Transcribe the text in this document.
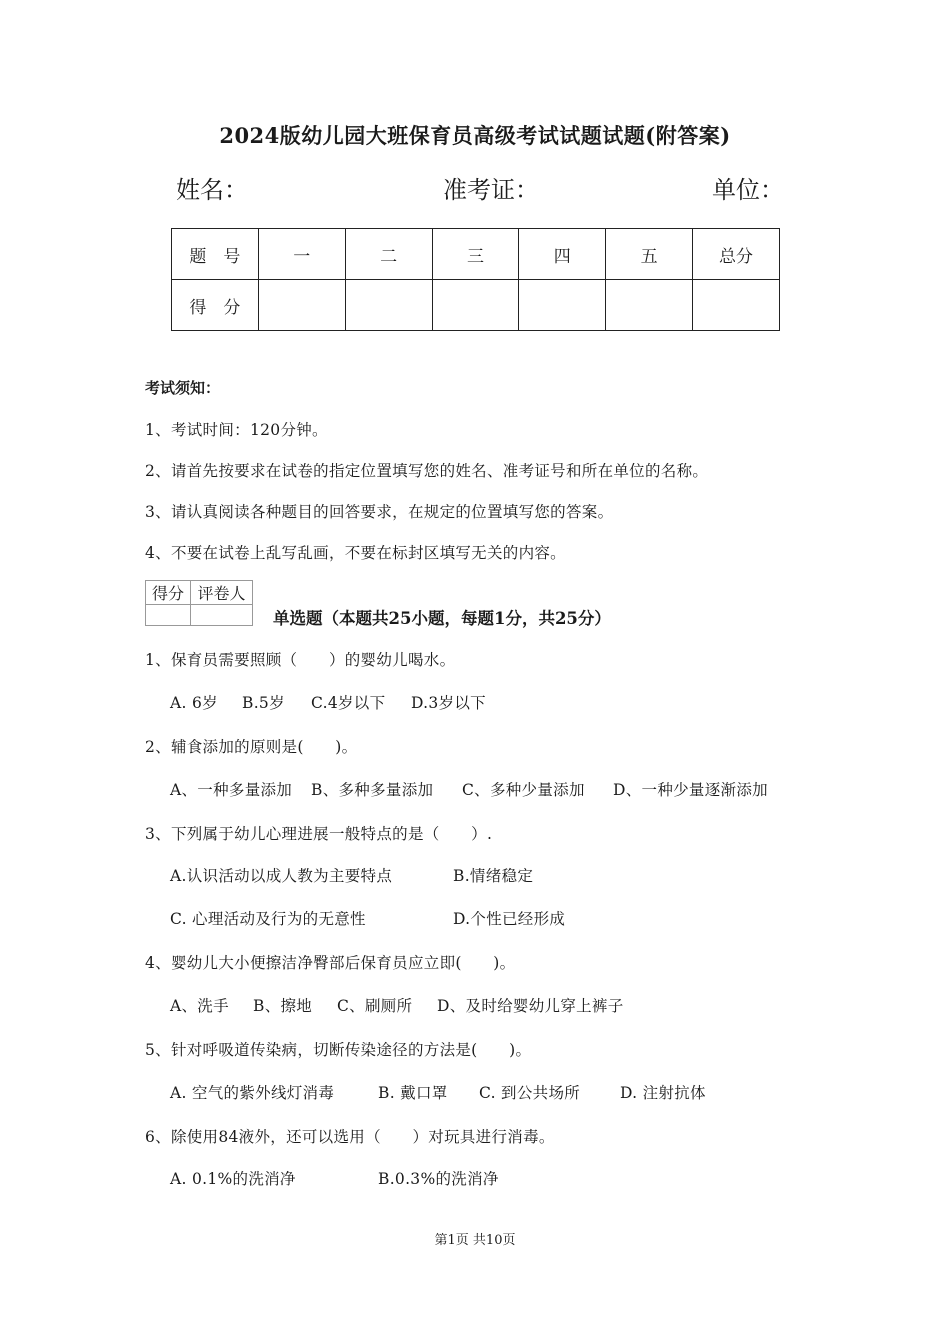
2024版幼儿园大班保育员高级考试试题试题(附答案)
姓名：	准考证：	单位：
题　号	一	二	三	四	五	总分
得　分						
考试须知：
1、考试时间：120分钟。
2、请首先按要求在试卷的指定位置填写您的姓名、准考证号和所在单位的名称。
3、请认真阅读各种题目的回答要求，在规定的位置填写您的答案。
4、不要在试卷上乱写乱画，不要在标封区填写无关的内容。
得分	评卷人

单选题（本题共25小题，每题1分，共25分）
1、保育员需要照顾（　　）的婴幼儿喝水。
A. 6岁 B.5岁 C.4岁以下 D.3岁以下
2、辅食添加的原则是(　　)。
A、一种多量添加 B、多种多量添加 C、多种少量添加 D、一种少量逐渐添加
3、下列属于幼儿心理进展一般特点的是（　　）.
A.认识活动以成人教为主要特点	B.情绪稳定
C. 心理活动及行为的无意性	D.个性已经形成
4、婴幼儿大小便擦洁净臀部后保育员应立即(　　)。
A、洗手 B、擦地 C、刷厕所 D、及时给婴幼儿穿上裤子
5、针对呼吸道传染病，切断传染途径的方法是(　　)。
A. 空气的紫外线灯消毒	B. 戴口罩 C. 到公共场所	D. 注射抗体
6、除使用84液外，还可以选用（　　）对玩具进行消毒。
A. 0.1%的洗消净	B.0.3%的洗消净
第1页 共10页
